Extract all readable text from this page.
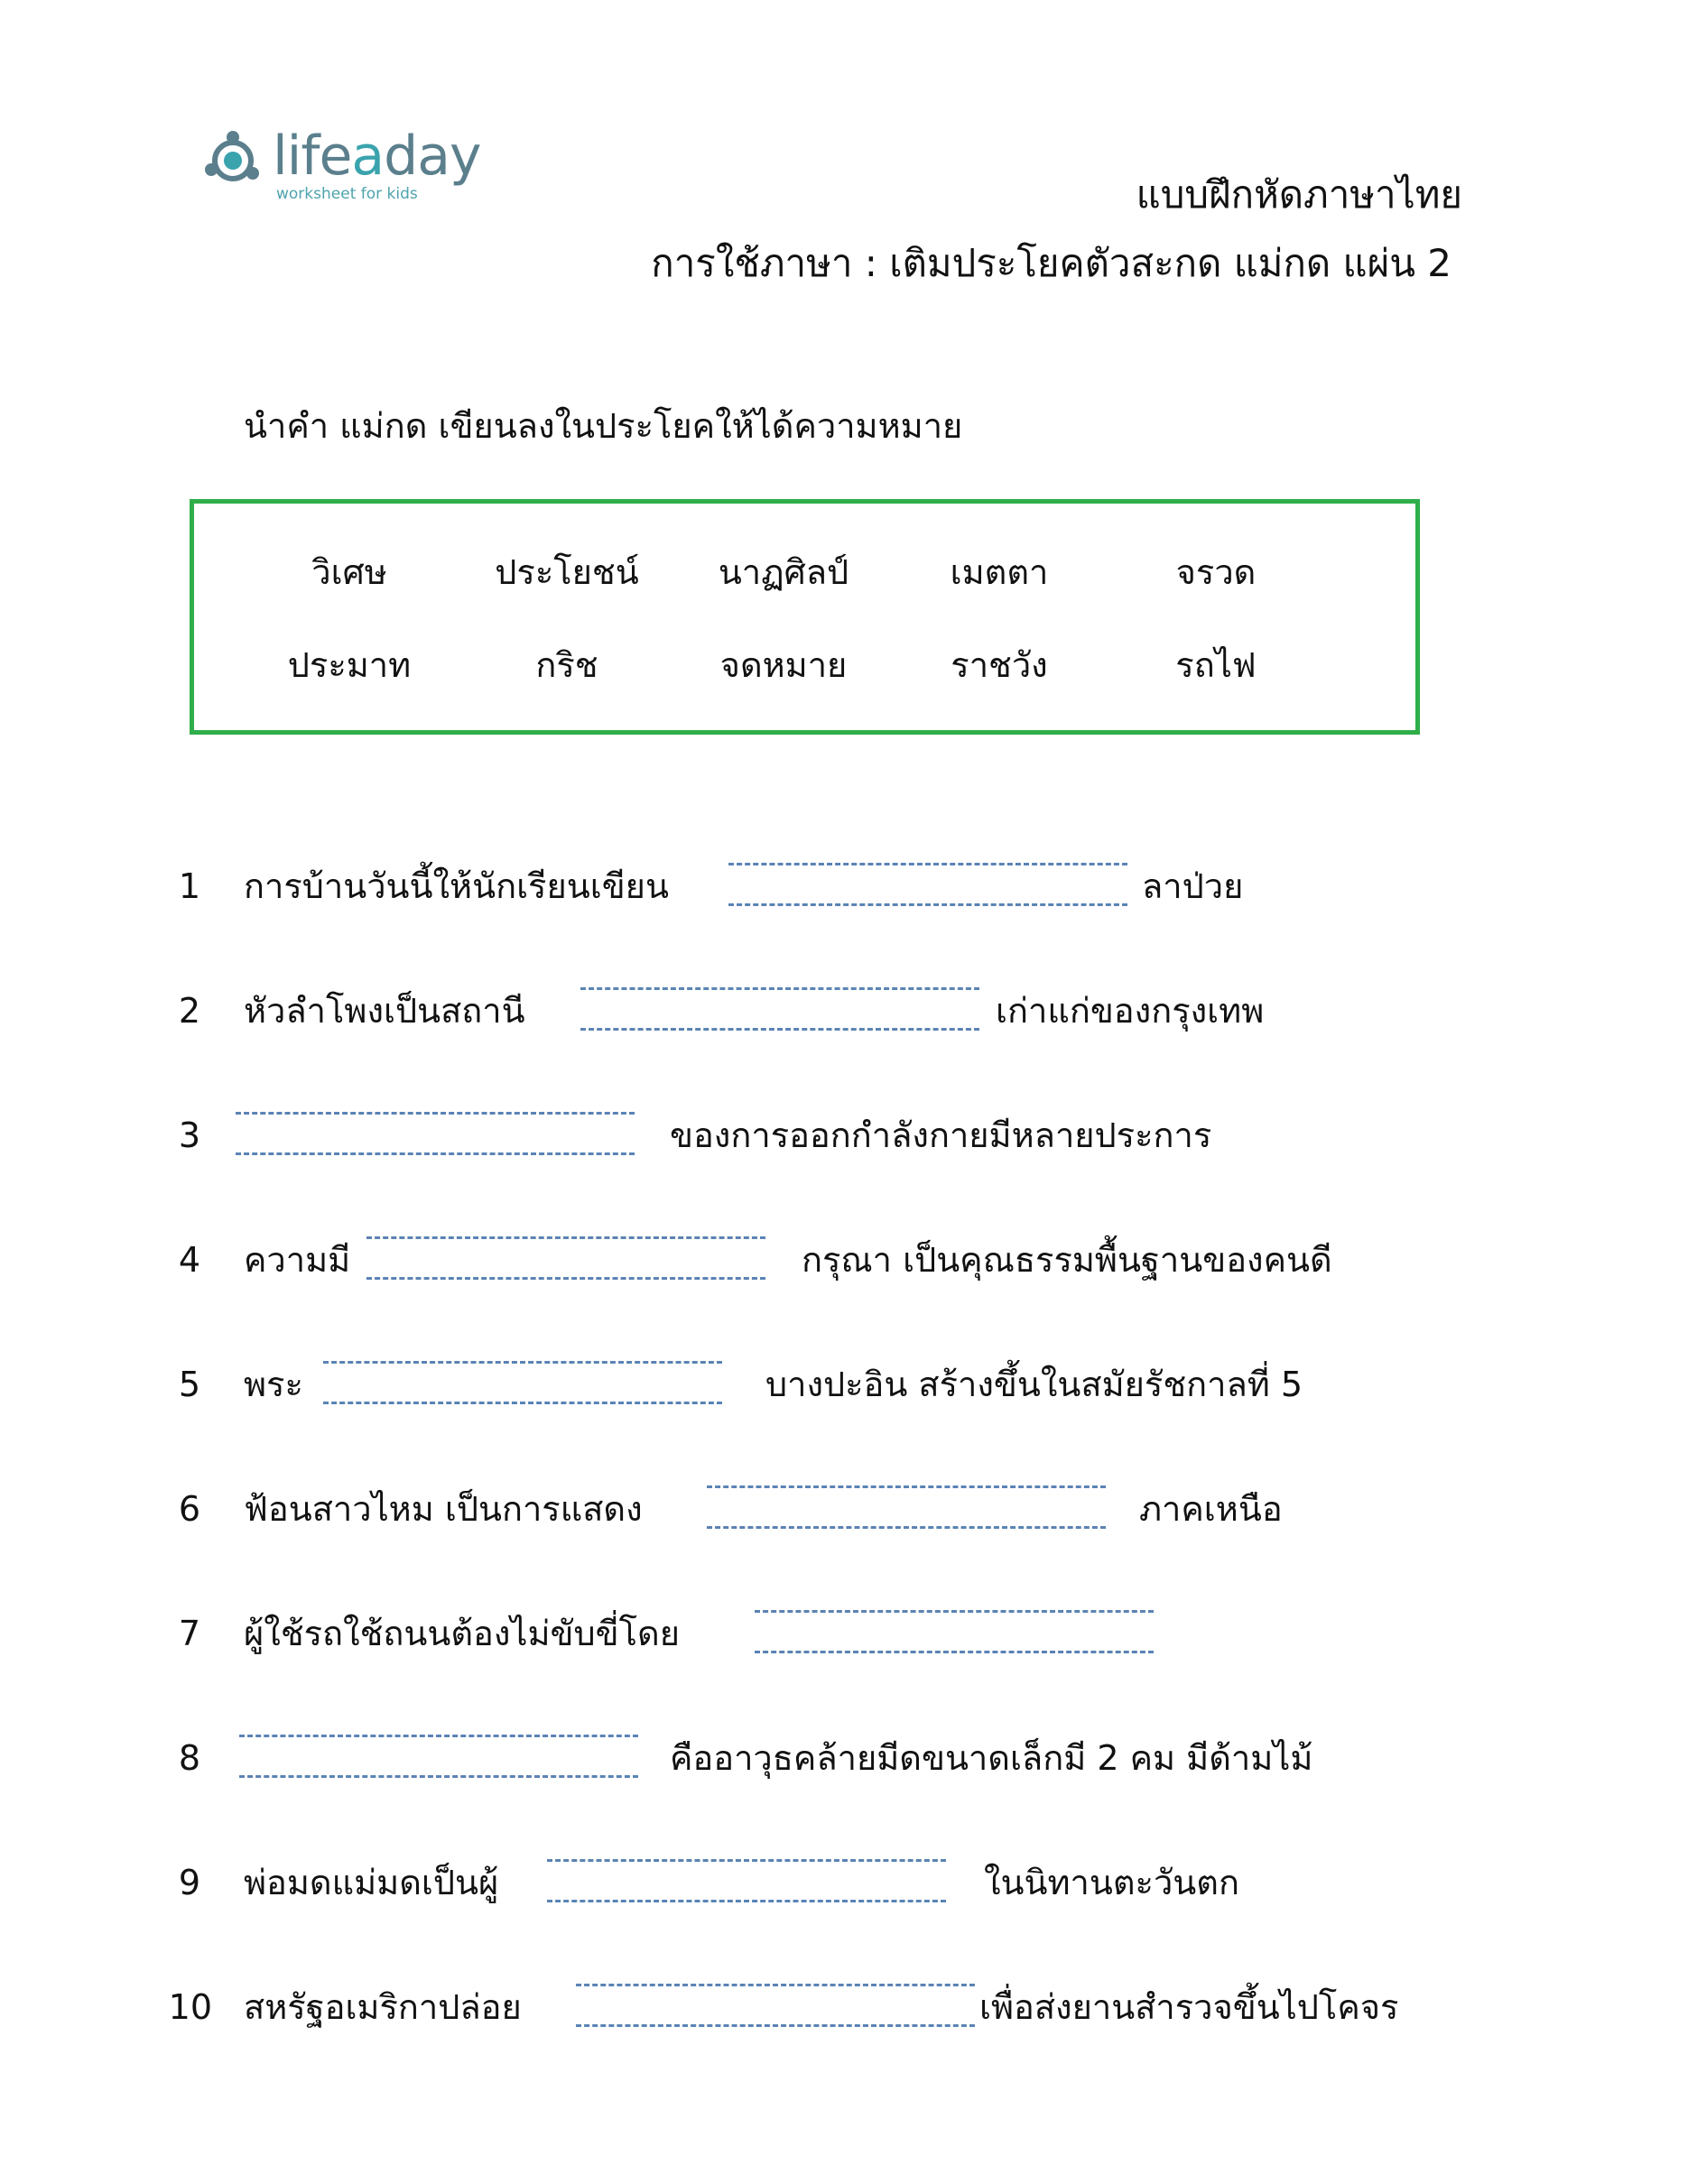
lifeaday
worksheet for kids	แบบฝึกหัดภาษาไทย
การใช้ภาษา : เติมประโยคตัวสะกด แม่กด แผ่น 2
นำคำ แม่กด เขียนลงในประโยคให้ได้ความหมาย
วิเศษ	ประโยชน์	นาฏศิลป์	เมตตา	จรวด
ประมาท	กริช	จดหมาย	ราชวัง	รถไฟ
1 การบ้านวันนี้ให้นักเรียนเขียน	ลาป่วย
2 หัวลำโพงเป็นสถานี	เก่าแก่ของกรุงเทพ
3	ของการออกกำลังกายมีหลายประการ
4 ความมี	กรุณา เป็นคุณธรรมพื้นฐานของคนดี
5 พระ	บางปะอิน สร้างขึ้นในสมัยรัชกาลที่ 5
6 ฟ้อนสาวไหม เป็นการแสดง	ภาคเหนือ
7 ผู้ใช้รถใช้ถนนต้องไม่ขับขี่โดย
8	คืออาวุธคล้ายมีดขนาดเล็กมี 2 คม มีด้ามไม้
9 พ่อมดแม่มดเป็นผู้	ในนิทานตะวันตก
10 สหรัฐอเมริกาปล่อย	เพื่อส่งยานสำรวจขึ้นไปโคจร
